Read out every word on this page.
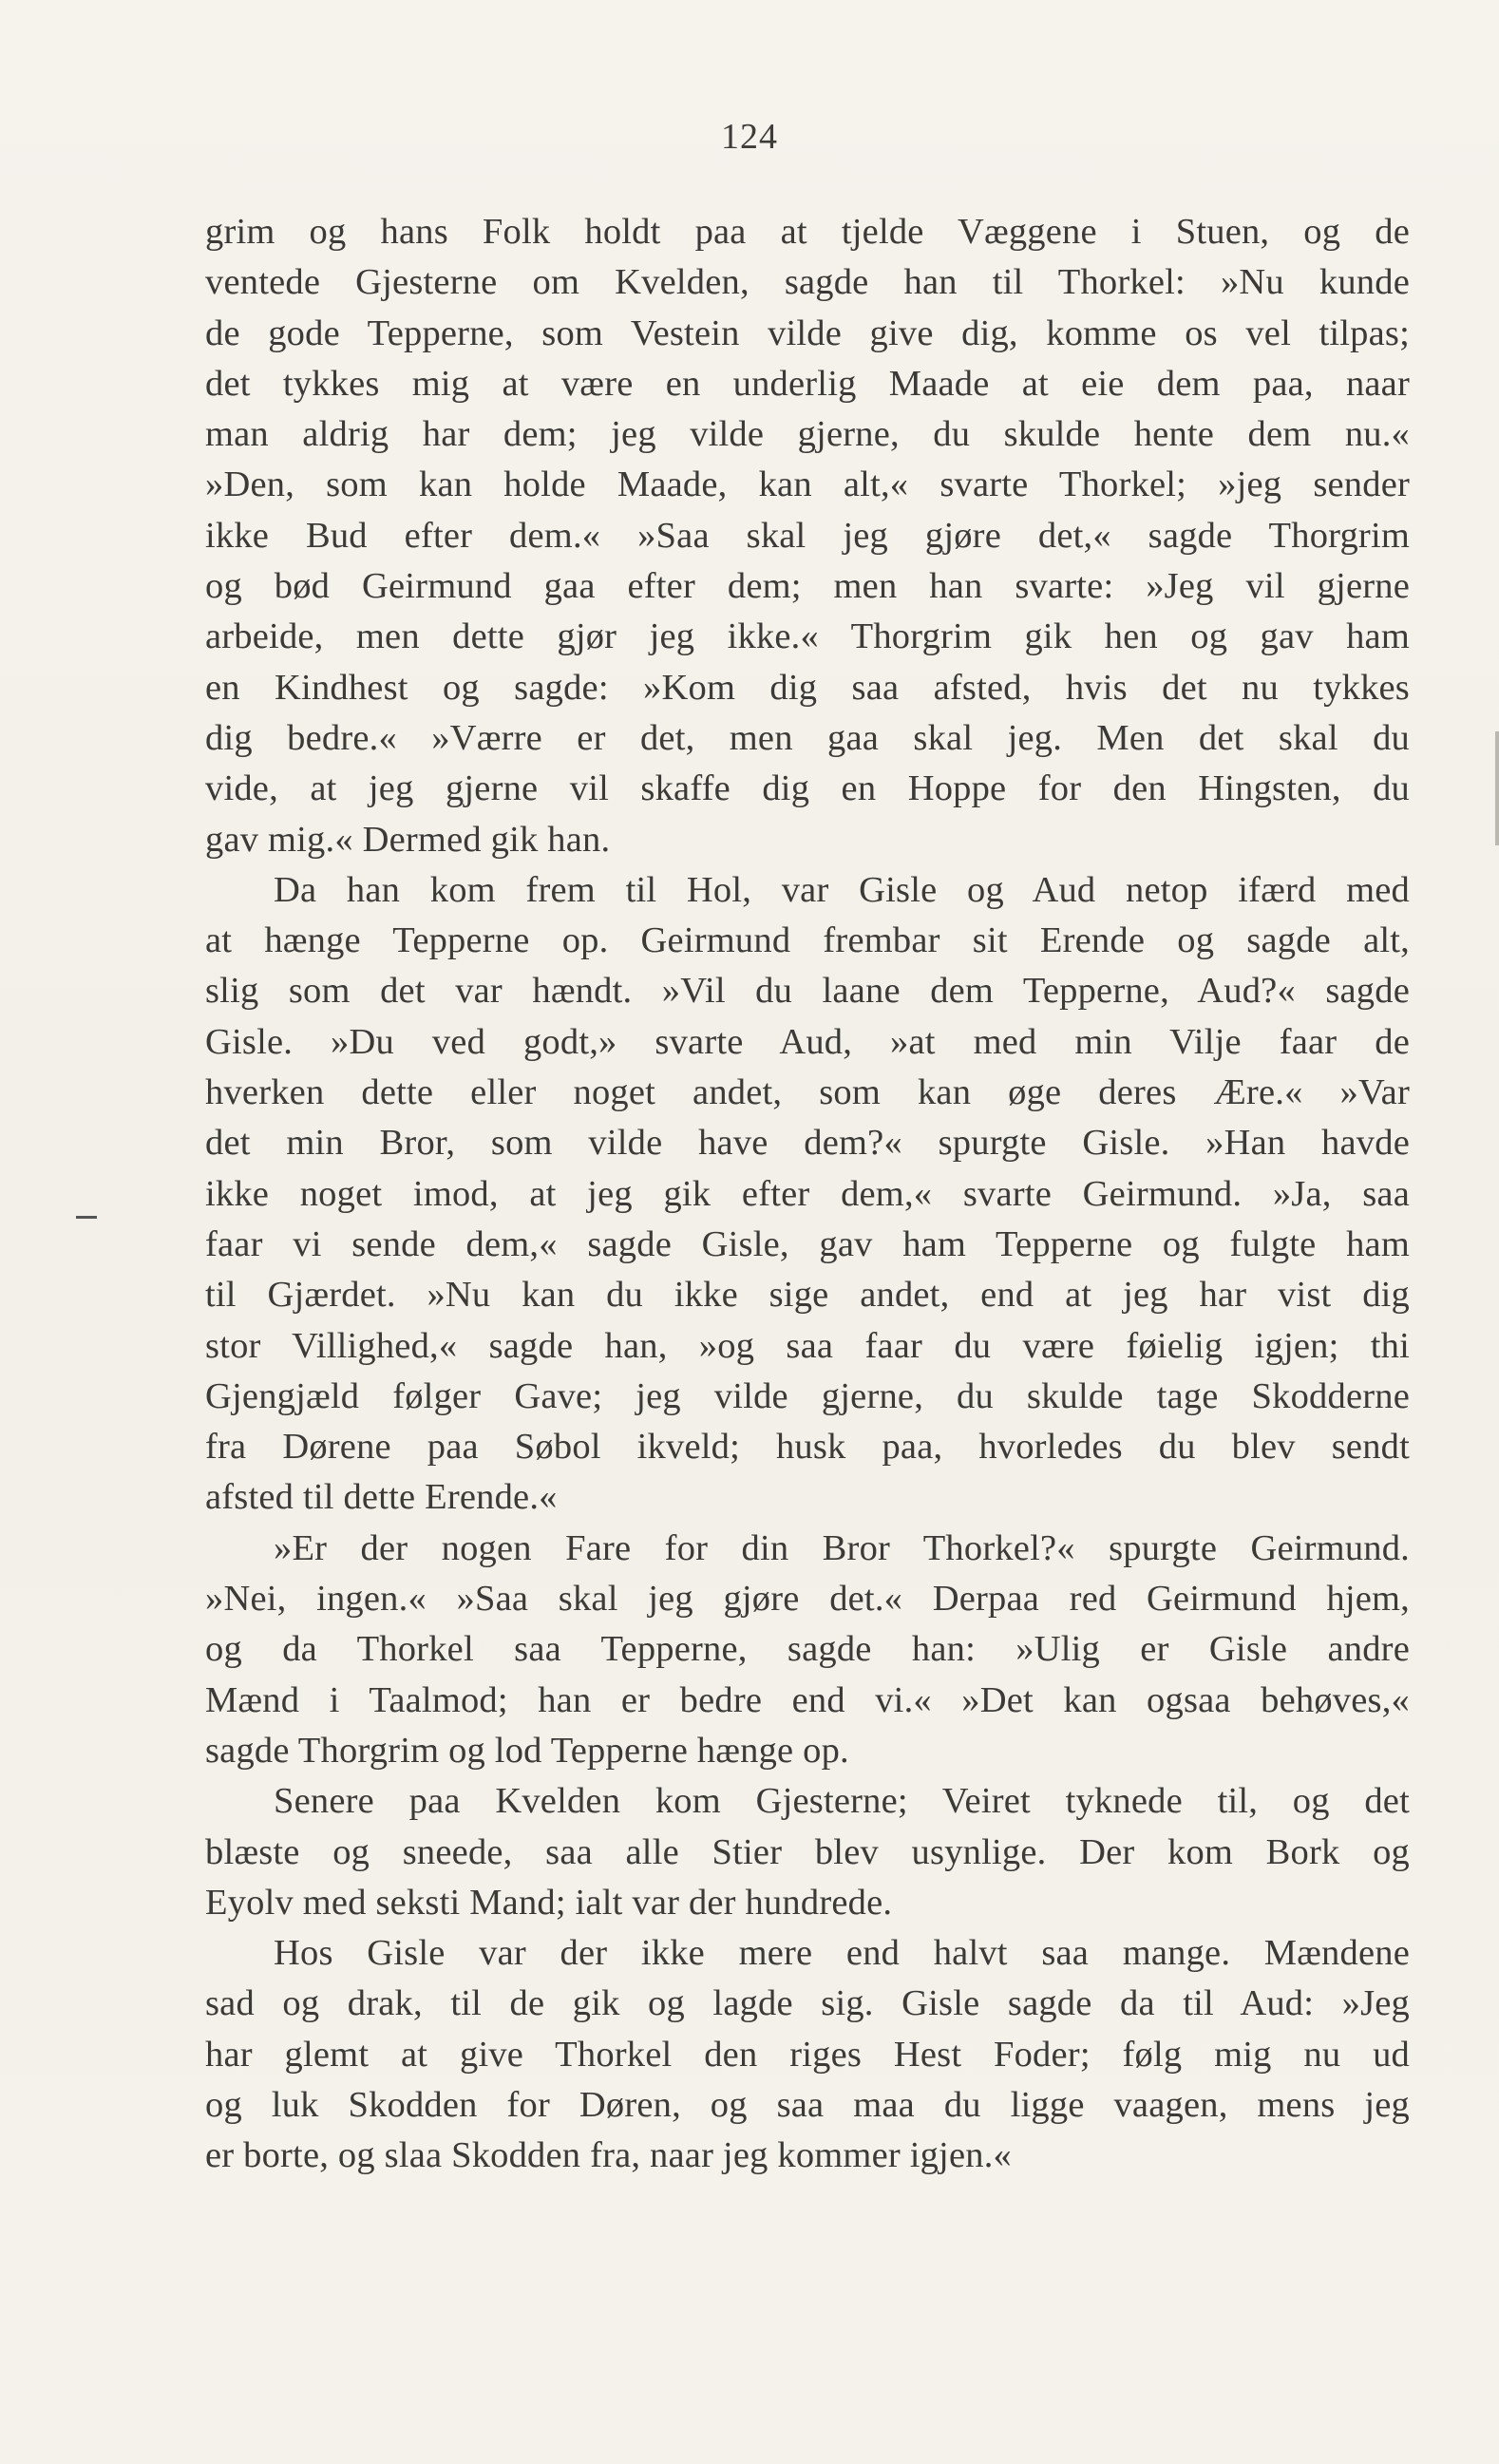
124
grim og hans Folk holdt paa at tjelde Væggene i Stuen, og de
ventede Gjesterne om Kvelden, sagde han til Thorkel: »Nu kunde
de gode Tepperne, som Vestein vilde give dig, komme os vel tilpas;
det tykkes mig at være en underlig Maade at eie dem paa, naar
man aldrig har dem; jeg vilde gjerne, du skulde hente dem nu.«
»Den, som kan holde Maade, kan alt,« svarte Thorkel; »jeg sender
ikke Bud efter dem.« »Saa skal jeg gjøre det,« sagde Thorgrim
og bød Geirmund gaa efter dem; men han svarte: »Jeg vil gjerne
arbeide, men dette gjør jeg ikke.« Thorgrim gik hen og gav ham
en Kindhest og sagde: »Kom dig saa afsted, hvis det nu tykkes
dig bedre.« »Værre er det, men gaa skal jeg. Men det skal du
vide, at jeg gjerne vil skaffe dig en Hoppe for den Hingsten, du
gav mig.« Dermed gik han.
Da han kom frem til Hol, var Gisle og Aud netop ifærd med
at hænge Tepperne op. Geirmund frembar sit Erende og sagde alt,
slig som det var hændt. »Vil du laane dem Tepperne, Aud?« sagde
Gisle. »Du ved godt,» svarte Aud, »at med min Vilje faar de
hverken dette eller noget andet, som kan øge deres Ære.« »Var
det min Bror, som vilde have dem?« spurgte Gisle. »Han havde
ikke noget imod, at jeg gik efter dem,« svarte Geirmund. »Ja, saa
faar vi sende dem,« sagde Gisle, gav ham Tepperne og fulgte ham
til Gjærdet. »Nu kan du ikke sige andet, end at jeg har vist dig
stor Villighed,« sagde han, »og saa faar du være føielig igjen; thi
Gjengjæld følger Gave; jeg vilde gjerne, du skulde tage Skodderne
fra Dørene paa Søbol ikveld; husk paa, hvorledes du blev sendt
afsted til dette Erende.«
»Er der nogen Fare for din Bror Thorkel?« spurgte Geirmund.
»Nei, ingen.« »Saa skal jeg gjøre det.« Derpaa red Geirmund hjem,
og da Thorkel saa Tepperne, sagde han: »Ulig er Gisle andre
Mænd i Taalmod; han er bedre end vi.« »Det kan ogsaa behøves,«
sagde Thorgrim og lod Tepperne hænge op.
Senere paa Kvelden kom Gjesterne; Veiret tyknede til, og det
blæste og sneede, saa alle Stier blev usynlige. Der kom Bork og
Eyolv med seksti Mand; ialt var der hundrede.
Hos Gisle var der ikke mere end halvt saa mange. Mændene
sad og drak, til de gik og lagde sig. Gisle sagde da til Aud: »Jeg
har glemt at give Thorkel den riges Hest Foder; følg mig nu ud
og luk Skodden for Døren, og saa maa du ligge vaagen, mens jeg
er borte, og slaa Skodden fra, naar jeg kommer igjen.«
